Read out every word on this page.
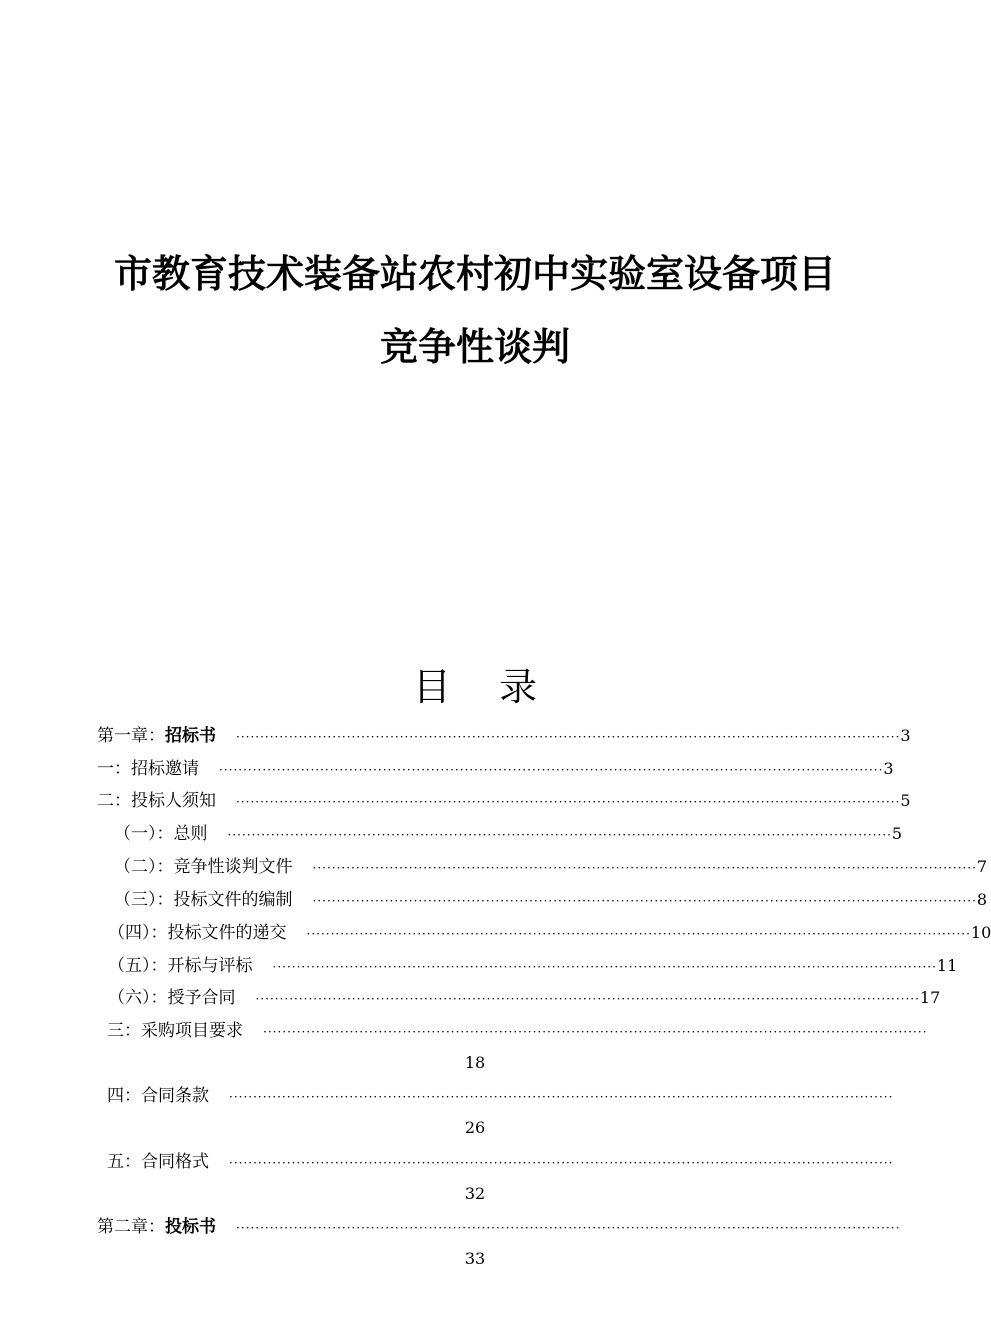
市教育技术装备站农村初中实验室设备项目
竞争性谈判
目    录
第一章： 招标书 ·········································································································································· 3
一： 招标邀请 ·········································································································································· 3
二： 投标人须知 ·········································································································································· 5
（一）： 总则 ·········································································································································· 5
（二）： 竞争性谈判文件 ·········································································································································· 7
（三）： 投标文件的编制 ·········································································································································· 8
（四）： 投标文件的递交 ·········································································································································· 10
（五）： 开标与评标 ·········································································································································· 11
（六）： 授予合同 ·········································································································································· 17
三： 采购项目要求 ··········································································································································
18
四： 合同条款 ··········································································································································
26
五： 合同格式 ··········································································································································
32
第二章： 投标书 ··········································································································································
33
